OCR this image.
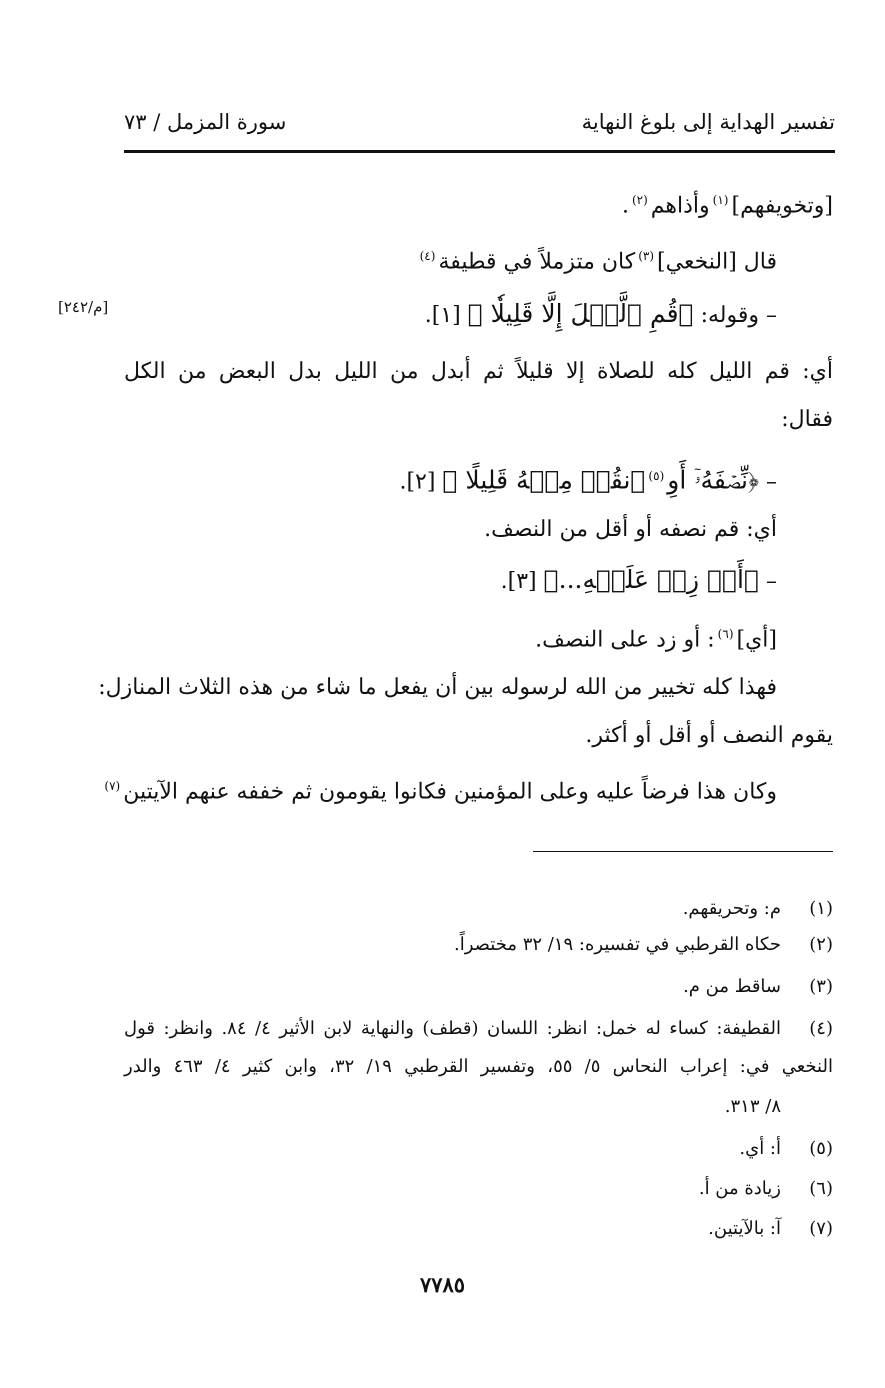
تفسير الهداية إلى بلوغ النهاية
سورة المزمل / ٧٣
[م/٢٤٢]
[وتخويفهم]$^{(١)}$وأذاهم$^{(٢)}$.
قال [النخعي]$^{(٣)}$كان متزملاً في قطيفة$^{(٤)}$
– وقوله: ﴿قُمِ ٱلَّيۡلَ إِلَّا قَلِيلٗا ﴾ [١].
أي: قم الليل كله للصلاة إلا قليلاً ثم أبدل من الليل بدل البعض من الكل
فقال:
– ﴿نِّصۡفَهُۥٓ أَوِ$^{(٥)}$ٱنقُصۡ مِنۡهُ قَلِيلًا ﴾ [٢].
أي: قم نصفه أو أقل من النصف.
– ﴿أَوۡ زِدۡ عَلَيۡهِ...﴾ [٣].
[أي]$^{(٦)}$: أو زد على النصف.
فهذا كله تخيير من الله لرسوله بين أن يفعل ما شاء من هذه الثلاث المنازل:
يقوم النصف أو أقل أو أكثر.
وكان هذا فرضاً عليه وعلى المؤمنين فكانوا يقومون ثم خففه عنهم الآيتين$^{(٧)}$
(١)
م: وتحريقهم.
(٢)
حكاه القرطبي في تفسيره: ١٩/ ٣٢ مختصراً.
(٣)
ساقط من م.
(٤)
القطيفة: كساء له خمل: انظر: اللسان (قطف) والنهاية لابن الأثير ٤/ ٨٤. وانظر: قول
النخعي في: إعراب النحاس ٥/ ٥٥، وتفسير القرطبي ١٩/ ٣٢، وابن كثير ٤/ ٤٦٣ والدر
٨/ ٣١٣.
(٥)
أ: أي.
(٦)
زيادة من أ.
(٧)
آ: بالآيتين.
٧٧٨٥
